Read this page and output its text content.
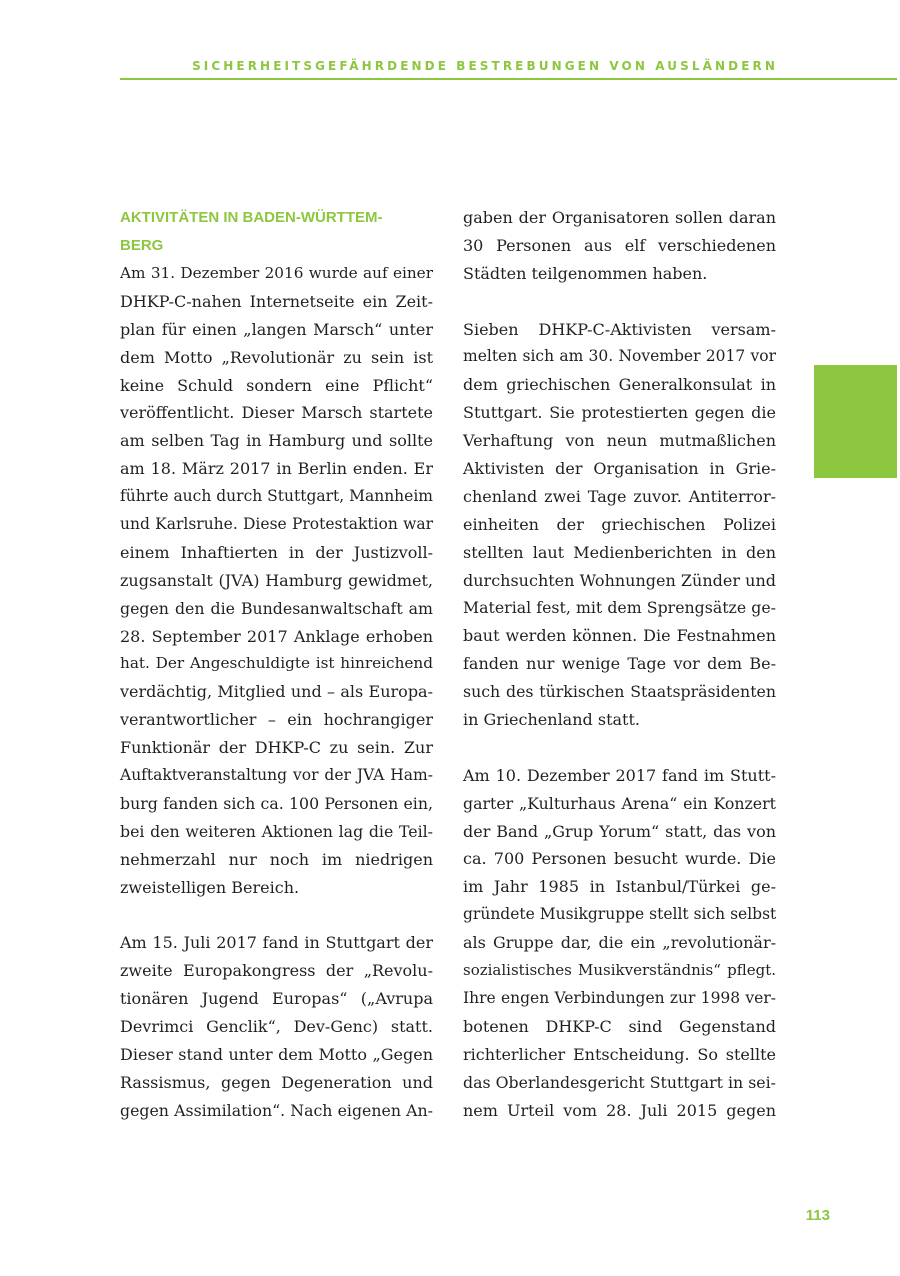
SICHERHEITSGEFÄHRDENDE BESTREBUNGEN VON AUSLÄNDERN
AKTIVITÄTEN IN BADEN-WÜRTTEM-
BERG
Am 31. Dezember 2016 wurde auf einer
DHKP-C-nahen Internetseite ein Zeit-
plan für einen „langen Marsch“ unter
dem Motto „Revolutionär zu sein ist
keine Schuld sondern eine Pflicht“
veröffentlicht. Dieser Marsch startete
am selben Tag in Hamburg und sollte
am 18. März 2017 in Berlin enden. Er
führte auch durch Stuttgart, Mannheim
und Karlsruhe. Diese Protestaktion war
einem Inhaftierten in der Justizvoll-
zugsanstalt (JVA) Hamburg gewidmet,
gegen den die Bundesanwaltschaft am
28. September 2017 Anklage erhoben
hat. Der Angeschuldigte ist hinreichend
verdächtig, Mitglied und – als Europa-
verantwortlicher – ein hochrangiger
Funktionär der DHKP-C zu sein. Zur
Auftaktveranstaltung vor der JVA Ham-
burg fanden sich ca. 100 Personen ein,
bei den weiteren Aktionen lag die Teil-
nehmerzahl nur noch im niedrigen
zweistelligen Bereich.
Am 15. Juli 2017 fand in Stuttgart der
zweite Europakongress der „Revolu-
tionären Jugend Europas“ („Avrupa
Devrimci Genclik“, Dev-Genc) statt.
Dieser stand unter dem Motto „Gegen
Rassismus, gegen Degeneration und
gegen Assimilation“. Nach eigenen An-
gaben der Organisatoren sollen daran
30 Personen aus elf verschiedenen
Städten teilgenommen haben.
Sieben DHKP-C-Aktivisten versam-
melten sich am 30. November 2017 vor
dem griechischen Generalkonsulat in
Stuttgart. Sie protestierten gegen die
Verhaftung von neun mutmaßlichen
Aktivisten der Organisation in Grie-
chenland zwei Tage zuvor. Antiterror-
einheiten der griechischen Polizei
stellten laut Medienberichten in den
durchsuchten Wohnungen Zünder und
Material fest, mit dem Sprengsätze ge-
baut werden können. Die Festnahmen
fanden nur wenige Tage vor dem Be-
such des türkischen Staatspräsidenten
in Griechenland statt.
Am 10. Dezember 2017 fand im Stutt-
garter „Kulturhaus Arena“ ein Konzert
der Band „Grup Yorum“ statt, das von
ca. 700 Personen besucht wurde. Die
im Jahr 1985 in Istanbul/Türkei ge-
gründete Musikgruppe stellt sich selbst
als Gruppe dar, die ein „revolutionär-
sozialistisches Musikverständnis“ pflegt.
Ihre engen Verbindungen zur 1998 ver-
botenen DHKP-C sind Gegenstand
richterlicher Entscheidung. So stellte
das Oberlandesgericht Stuttgart in sei-
nem Urteil vom 28. Juli 2015 gegen
113
